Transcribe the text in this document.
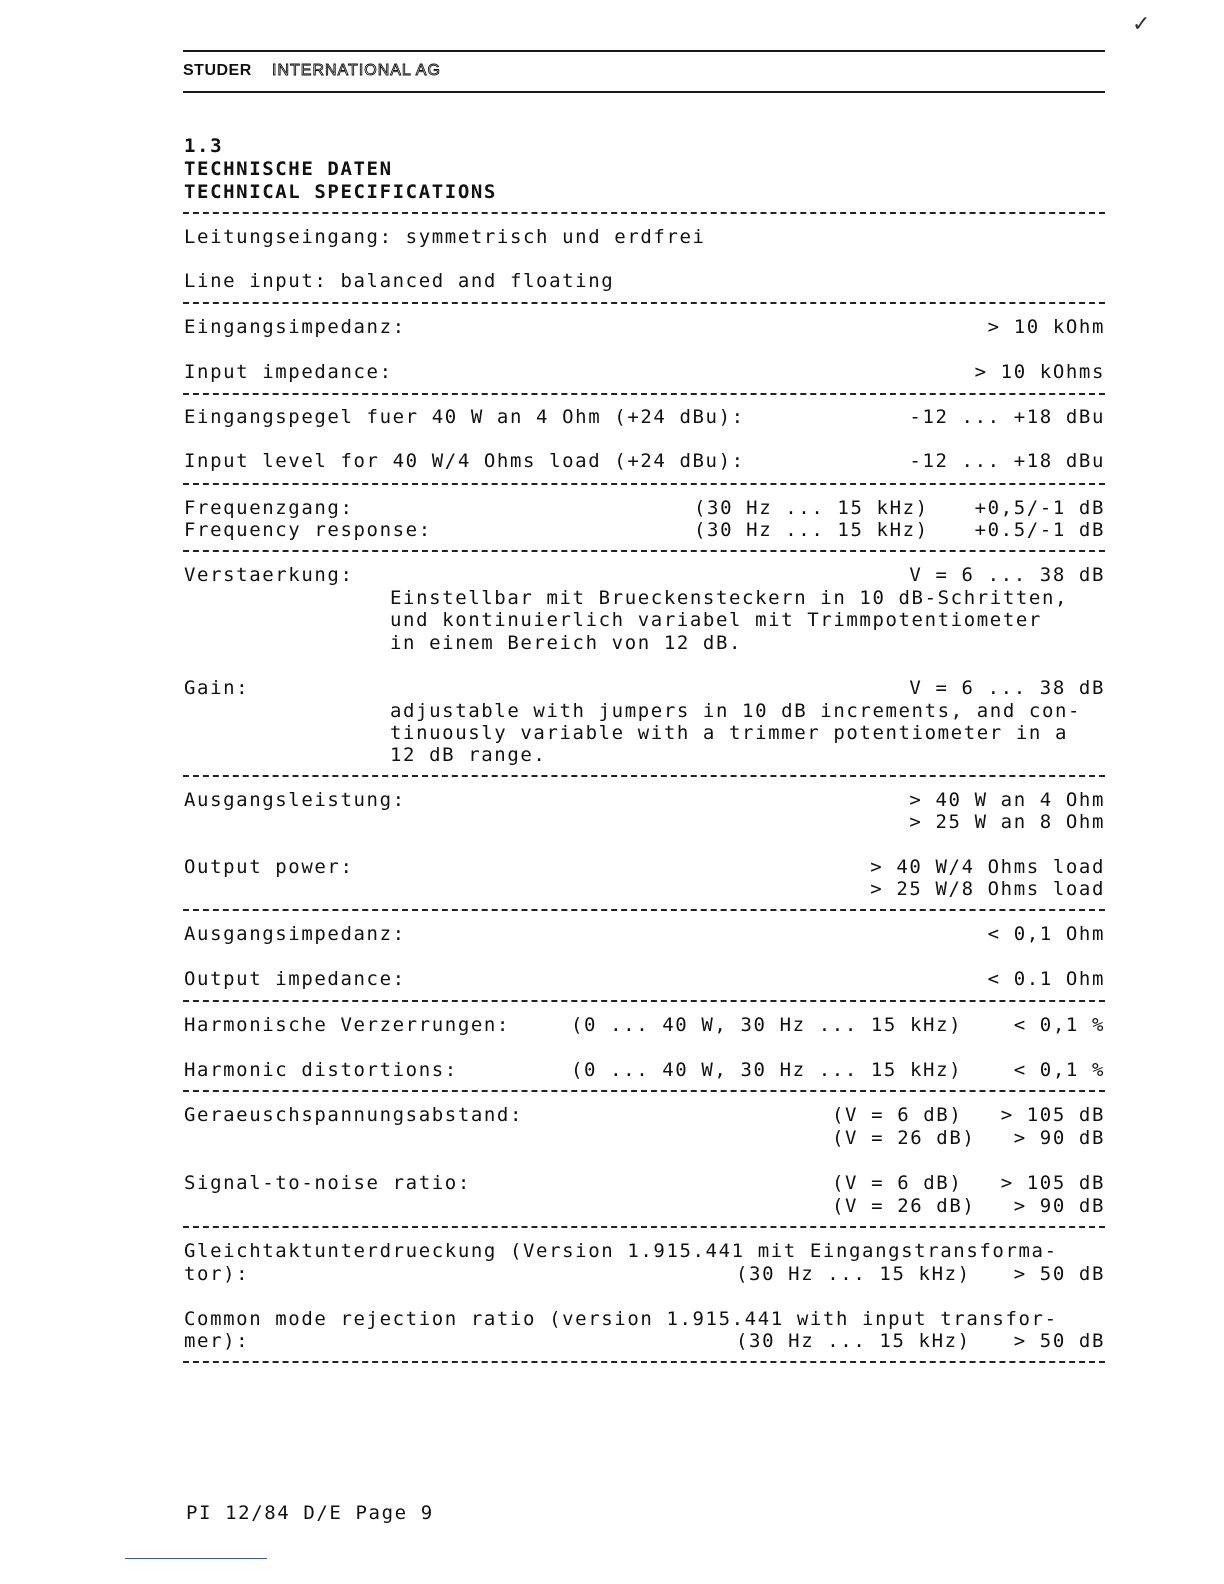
✓
STUDER INTERNATIONAL AG
1.3
TECHNISCHE DATEN
TECHNICAL SPECIFICATIONS
Leitungseingang: symmetrisch und erdfrei
Line input: balanced and floating
Eingangsimpedanz:	> 10 kOhm
Input impedance:	> 10 kOhms
Eingangspegel fuer 40 W an 4 Ohm (+24 dBu):	-12 ... +18 dBu
Input level for 40 W/4 Ohms load (+24 dBu):	-12 ... +18 dBu
Frequenzgang:	(30 Hz ... 15 kHz) +0,5/-1 dB
Frequency response:	(30 Hz ... 15 kHz) +0.5/-1 dB
Verstaerkung:	V = 6 ... 38 dB
Einstellbar mit Brueckensteckern in 10 dB-Schritten,
und kontinuierlich variabel mit Trimmpotentiometer
in einem Bereich von 12 dB.
Gain:	V = 6 ... 38 dB
adjustable with jumpers in 10 dB increments, and con-
tinuously variable with a trimmer potentiometer in a
12 dB range.
Ausgangsleistung:	> 40 W an 4 Ohm
> 25 W an 8 Ohm
Output power:	> 40 W/4 Ohms load
> 25 W/8 Ohms load
Ausgangsimpedanz:	< 0,1 Ohm
Output impedance:	< 0.1 Ohm
Harmonische Verzerrungen:	(0 ... 40 W, 30 Hz ... 15 kHz)	< 0,1 %
Harmonic distortions:	(0 ... 40 W, 30 Hz ... 15 kHz)	< 0,1 %
Geraeuschspannungsabstand:	(V = 6 dB) > 105 dB
(V = 26 dB) > 90 dB
Signal-to-noise ratio:	(V = 6 dB) > 105 dB
(V = 26 dB) > 90 dB
Gleichtaktunterdrueckung (Version 1.915.441 mit Eingangstransforma-
tor):	(30 Hz ... 15 kHz) > 50 dB
Common mode rejection ratio (version 1.915.441 with input transfor-
mer):	(30 Hz ... 15 kHz) > 50 dB
PI 12/84 D/E Page 9
